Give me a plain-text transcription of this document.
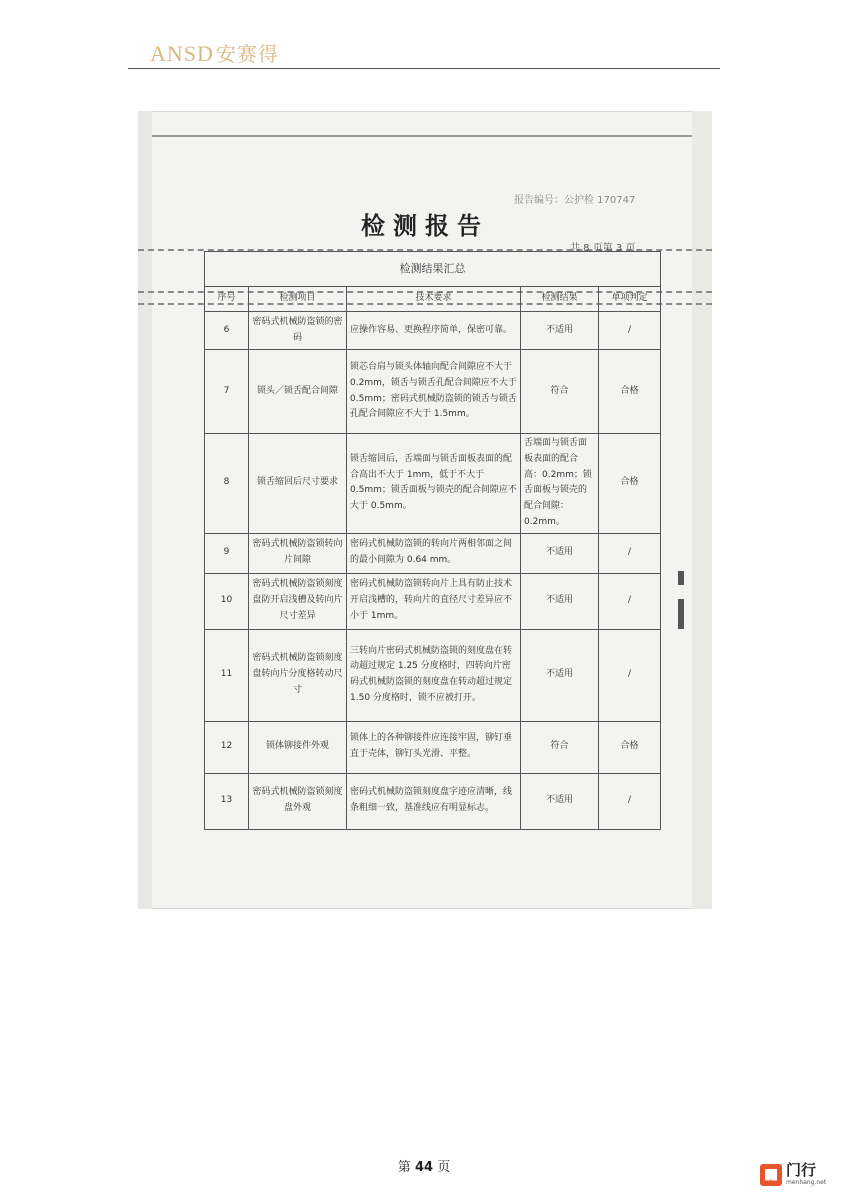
ANSD 安赛得
报告编号：公护检 170747
检测报告
共 8 页第 3 页
检测结果汇总				
序号	检测项目	技术要求	检测结果	单项判定
6	密码式机械防盗锁的密码	应操作容易、更换程序简单，保密可靠。	不适用	/
7	锁头／锁舌配合间隙	锁芯台肩与锁头体轴向配合间隙应不大于 0.2mm，锁舌与锁舌孔配合间隙应不大于 0.5mm；密码式机械防盗锁的锁舌与锁舌孔配合间隙应不大于 1.5mm。	符合	合格
8	锁舌缩回后尺寸要求	锁舌缩回后，舌端面与锁舌面板表面的配合高出不大于 1mm，低于不大于 0.5mm；锁舌面板与锁壳的配合间隙应不大于 0.5mm。	舌端面与锁舌面板表面的配合高：0.2mm；锁舌面板与锁壳的配合间隙：0.2mm。	合格
9	密码式机械防盗锁转向片间隙	密码式机械防盗锁的转向片两相邻面之间的最小间隙为 0.64 mm。	不适用	/
10	密码式机械防盗锁刻度盘防开启浅槽及转向片尺寸差异	密码式机械防盗锁转向片上具有防止技术开启浅槽的，转向片的直径尺寸差异应不小于 1mm。	不适用	/
11	密码式机械防盗锁刻度盘转向片分度格转动尺寸	三转向片密码式机械防盗锁的刻度盘在转动超过规定 1.25 分度格时，四转向片密码式机械防盗锁的刻度盘在转动超过规定 1.50 分度格时，锁不应被打开。	不适用	/
12	锁体铆接件外观	锁体上的各种铆接件应连接牢固，铆钉垂直于壳体，铆钉头光滑、平整。	符合	合格
13	密码式机械防盗锁刻度盘外观	密码式机械防盗锁刻度盘字迹应清晰，线条粗细一致，基准线应有明显标志。	不适用	/
第 44 页	门行
menhang.net
